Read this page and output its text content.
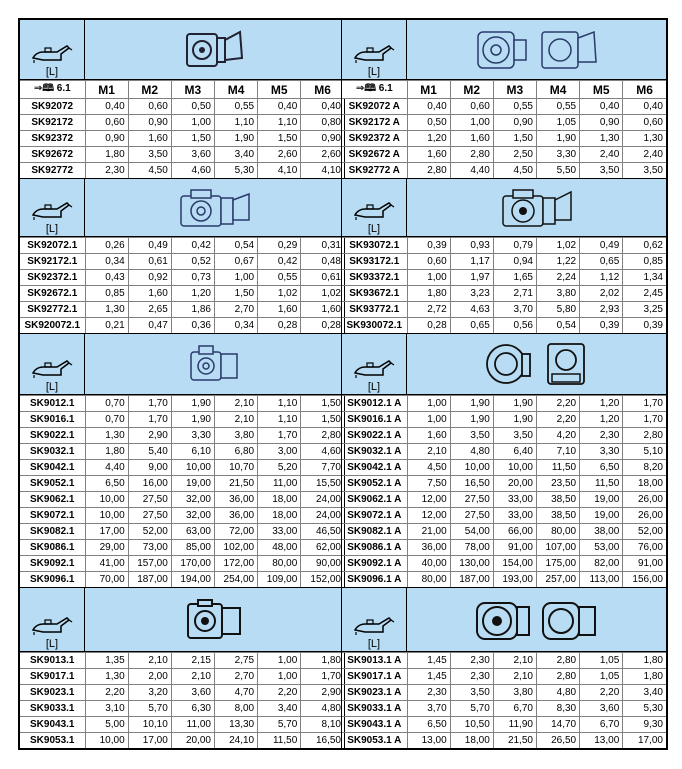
[L]
⇒🕮 6.1	M1	M2	M3	M4	M5	M6
SK92072	0,40	0,60	0,50	0,55	0,40	0,40
SK92172	0,60	0,90	1,00	1,10	1,10	0,80
SK92372	0,90	1,60	1,50	1,90	1,50	0,90
SK92672	1,80	3,50	3,60	3,40	2,60	2,60
SK92772	2,30	4,50	4,60	5,30	4,10	4,10
[L]
SK92072.1	0,26	0,49	0,42	0,54	0,29	0,31
SK92172.1	0,34	0,61	0,52	0,67	0,42	0,48
SK92372.1	0,43	0,92	0,73	1,00	0,55	0,61
SK92672.1	0,85	1,60	1,20	1,50	1,02	1,02
SK92772.1	1,30	2,65	1,86	2,70	1,60	1,60
SK920072.1	0,21	0,47	0,36	0,34	0,28	0,28
[L]
SK9012.1	0,70	1,70	1,90	2,10	1,10	1,50
SK9016.1	0,70	1,70	1,90	2,10	1,10	1,50
SK9022.1	1,30	2,90	3,30	3,80	1,70	2,80
SK9032.1	1,80	5,40	6,10	6,80	3,00	4,60
SK9042.1	4,40	9,00	10,00	10,70	5,20	7,70
SK9052.1	6,50	16,00	19,00	21,50	11,00	15,50
SK9062.1	10,00	27,50	32,00	36,00	18,00	24,00
SK9072.1	10,00	27,50	32,00	36,00	18,00	24,00
SK9082.1	17,00	52,00	63,00	72,00	33,00	46,50
SK9086.1	29,00	73,00	85,00	102,00	48,00	62,00
SK9092.1	41,00	157,00	170,00	172,00	80,00	90,00
SK9096.1	70,00	187,00	194,00	254,00	109,00	152,00
[L]
SK9013.1	1,35	2,10	2,15	2,75	1,00	1,80
SK9017.1	1,30	2,00	2,10	2,70	1,00	1,70
SK9023.1	2,20	3,20	3,60	4,70	2,20	2,90
SK9033.1	3,10	5,70	6,30	8,00	3,40	4,80
SK9043.1	5,00	10,10	11,00	13,30	5,70	8,10
SK9053.1	10,00	17,00	20,00	24,10	11,50	16,50
[L]
⇒🕮 6.1	M1	M2	M3	M4	M5	M6
SK92072 A	0,40	0,60	0,55	0,55	0,40	0,40
SK92172 A	0,50	1,00	0,90	1,05	0,90	0,60
SK92372 A	1,20	1,60	1,50	1,90	1,30	1,30
SK92672 A	1,60	2,80	2,50	3,30	2,40	2,40
SK92772 A	2,80	4,40	4,50	5,50	3,50	3,50
[L]
SK93072.1	0,39	0,93	0,79	1,02	0,49	0,62
SK93172.1	0,60	1,17	0,94	1,22	0,65	0,85
SK93372.1	1,00	1,97	1,65	2,24	1,12	1,34
SK93672.1	1,80	3,23	2,71	3,80	2,02	2,45
SK93772.1	2,72	4,63	3,70	5,80	2,93	3,25
SK930072.1	0,28	0,65	0,56	0,54	0,39	0,39
[L]
SK9012.1 A	1,00	1,90	1,90	2,20	1,20	1,70
SK9016.1 A	1,00	1,90	1,90	2,20	1,20	1,70
SK9022.1 A	1,60	3,50	3,50	4,20	2,30	2,80
SK9032.1 A	2,10	4,80	6,40	7,10	3,30	5,10
SK9042.1 A	4,50	10,00	10,00	11,50	6,50	8,20
SK9052.1 A	7,50	16,50	20,00	23,50	11,50	18,00
SK9062.1 A	12,00	27,50	33,00	38,50	19,00	26,00
SK9072.1 A	12,00	27,50	33,00	38,50	19,00	26,00
SK9082.1 A	21,00	54,00	66,00	80,00	38,00	52,00
SK9086.1 A	36,00	78,00	91,00	107,00	53,00	76,00
SK9092.1 A	40,00	130,00	154,00	175,00	82,00	91,00
SK9096.1 A	80,00	187,00	193,00	257,00	113,00	156,00
[L]
SK9013.1 A	1,45	2,30	2,10	2,80	1,05	1,80
SK9017.1 A	1,45	2,30	2,10	2,80	1,05	1,80
SK9023.1 A	2,30	3,50	3,80	4,80	2,20	3,40
SK9033.1 A	3,70	5,70	6,70	8,30	3,60	5,30
SK9043.1 A	6,50	10,50	11,90	14,70	6,70	9,30
SK9053.1 A	13,00	18,00	21,50	26,50	13,00	17,00
